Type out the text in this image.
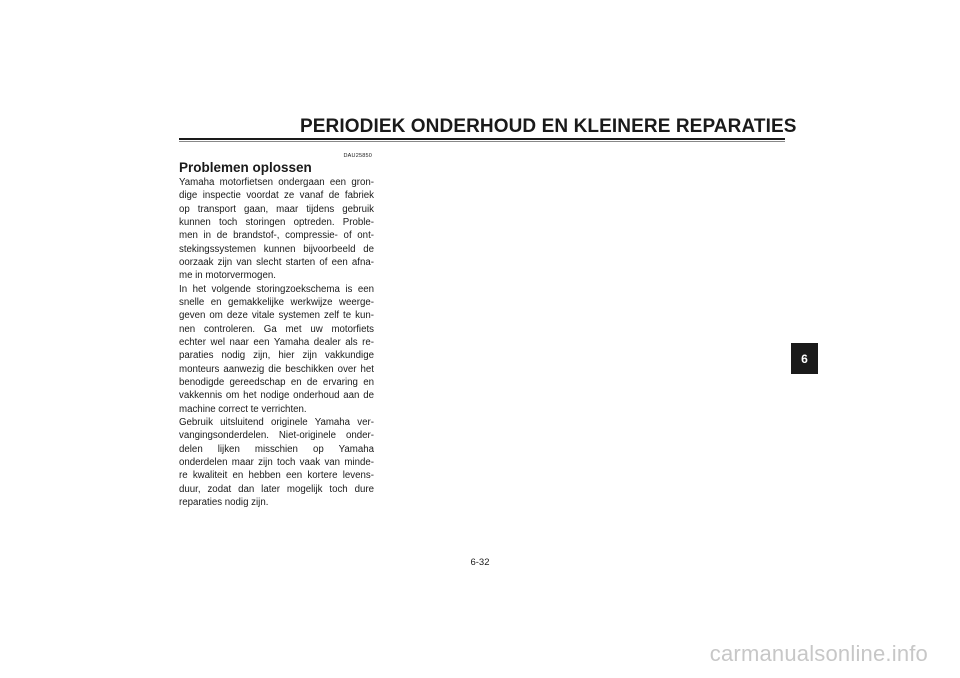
PERIODIEK ONDERHOUD EN KLEINERE REPARATIES
DAU25850
Problemen oplossen
Yamaha motorfietsen ondergaan een gron-
dige inspectie voordat ze vanaf de fabriek
op transport gaan, maar tijdens gebruik
kunnen toch storingen optreden. Proble-
men in de brandstof-, compressie- of ont-
stekingssystemen kunnen bijvoorbeeld de
oorzaak zijn van slecht starten of een afna-
me in motorvermogen.
In het volgende storingzoekschema is een
snelle en gemakkelijke werkwijze weerge-
geven om deze vitale systemen zelf te kun-
nen controleren. Ga met uw motorfiets
echter wel naar een Yamaha dealer als re-
paraties nodig zijn, hier zijn vakkundige
monteurs aanwezig die beschikken over het
benodigde gereedschap en de ervaring en
vakkennis om het nodige onderhoud aan de
machine correct te verrichten.
Gebruik uitsluitend originele Yamaha ver-
vangingsonderdelen. Niet-originele onder-
delen lijken misschien op Yamaha
onderdelen maar zijn toch vaak van minde-
re kwaliteit en hebben een kortere levens-
duur, zodat dan later mogelijk toch dure
reparaties nodig zijn.
6
6-32
carmanualsonline.info
